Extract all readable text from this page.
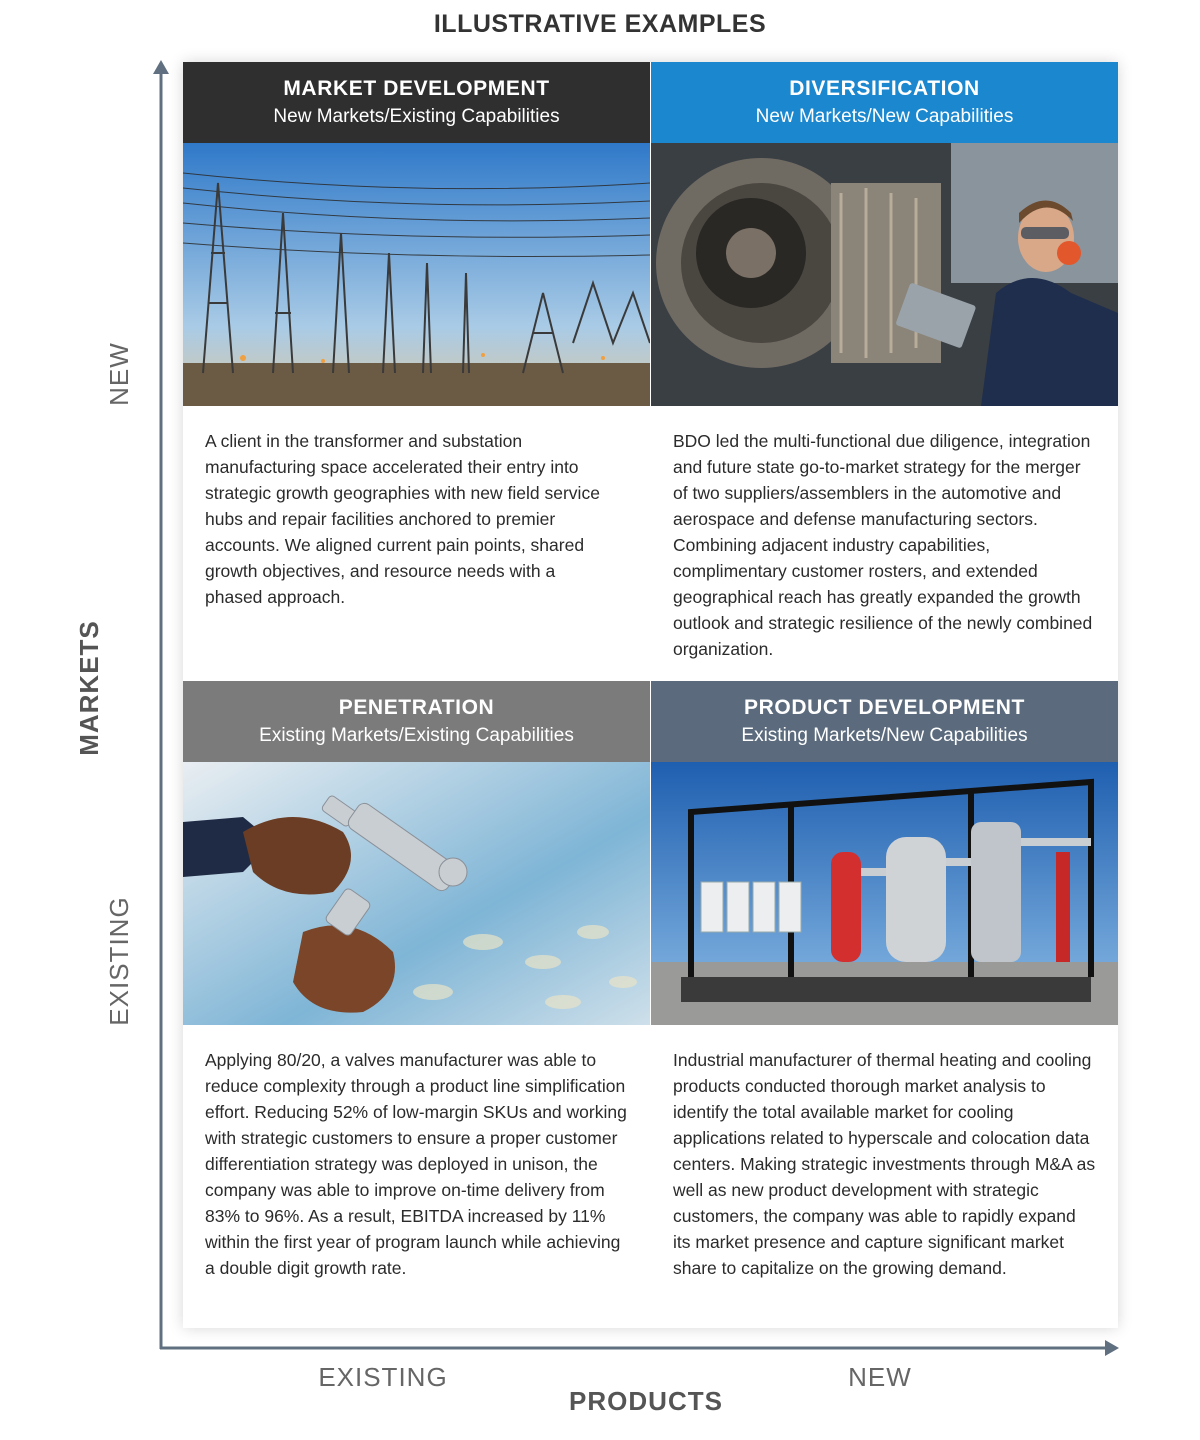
ILLUSTRATIVE EXAMPLES
NEW
MARKETS
EXISTING
EXISTING	NEW
PRODUCTS
MARKET DEVELOPMENT
New Markets/Existing Capabilities
A client in the transformer and substation manufacturing space accelerated their entry into strategic growth geographies with new field service hubs and repair facilities anchored to premier accounts. We aligned current pain points, shared growth objectives, and resource needs with a phased approach.
DIVERSIFICATION
New Markets/New Capabilities
BDO led the multi-functional due diligence, integration and future state go-to-market strategy for the merger of two suppliers/assemblers in the automotive and aerospace and defense manufacturing sectors. Combining adjacent industry capabilities, complimentary customer rosters, and extended geographical reach has greatly expanded the growth outlook and strategic resilience of the newly combined organization.
PENETRATION
Existing Markets/Existing Capabilities
Applying 80/20, a valves manufacturer was able to reduce complexity through a product line simplification effort. Reducing 52% of low-margin SKUs and working with strategic customers to ensure a proper customer differentiation strategy was deployed in unison, the company was able to improve on-time delivery from 83% to 96%. As a result, EBITDA increased by 11% within the first year of program launch while achieving a double digit growth rate.
PRODUCT DEVELOPMENT
Existing Markets/New Capabilities
Industrial manufacturer of thermal heating and cooling products conducted thorough market analysis to identify the total available market for cooling applications related to hyperscale and colocation data centers. Making strategic investments through M&A as well as new product development with strategic customers, the company was able to rapidly expand its market presence and capture significant market share to capitalize on the growing demand.
